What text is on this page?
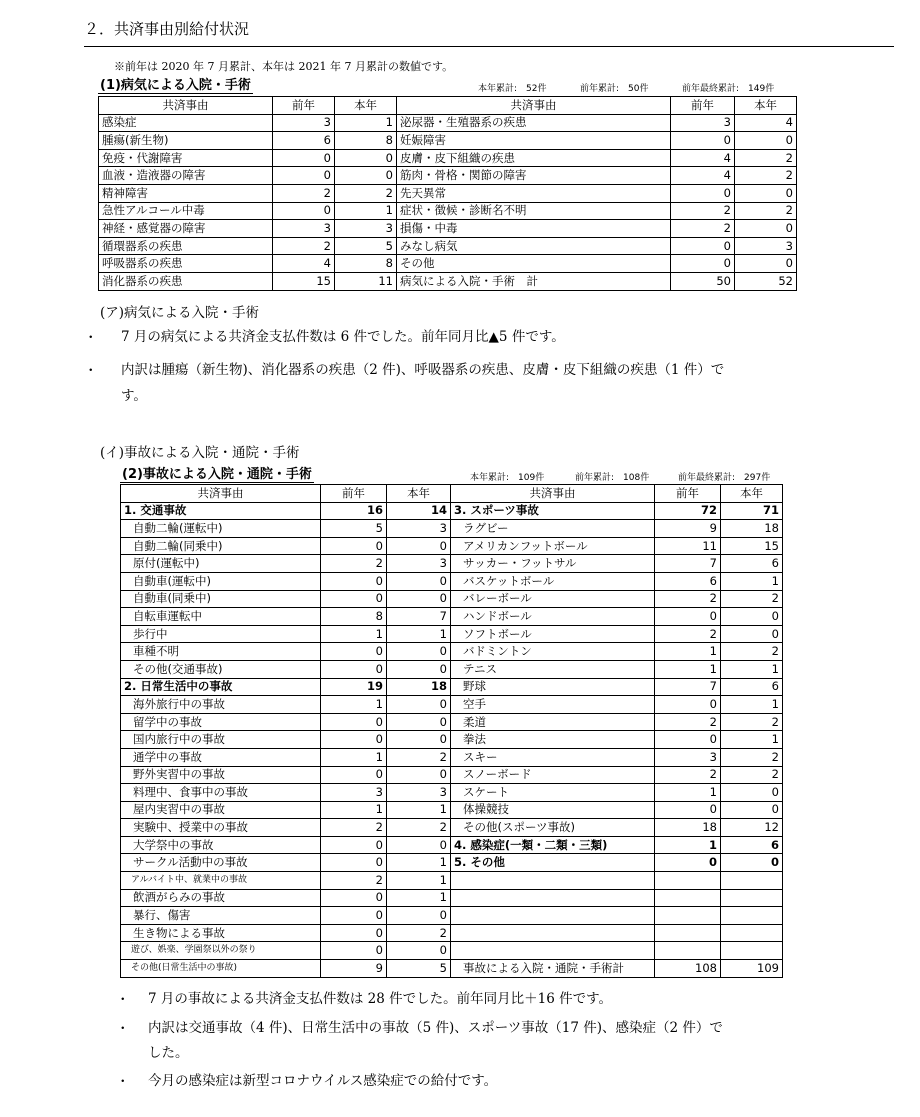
２．共済事由別給付状況
※前年は 2020 年 7 月累計、本年は 2021 年 7 月累計の数値です。
(1)病気による入院・手術	本年累計:　52件	前年累計:　50件	前年最終累計:　149件
共済事由	前年	本年	共済事由	前年	本年
感染症	3	1	泌尿器・生殖器系の疾患	3	4
腫瘍(新生物)	6	8	妊娠障害	0	0
免疫・代謝障害	0	0	皮膚・皮下組織の疾患	4	2
血液・造液器の障害	0	0	筋肉・骨格・関節の障害	4	2
精神障害	2	2	先天異常	0	0
急性アルコール中毒	0	1	症状・徴候・診断名不明	2	2
神経・感覚器の障害	3	3	損傷・中毒	2	0
循環器系の疾患	2	5	みなし病気	0	3
呼吸器系の疾患	4	8	その他	0	0
消化器系の疾患	15	11	病気による入院・手術　計	50	52
(ア)病気による入院・手術
・ 7 月の病気による共済金支払件数は 6 件でした。前年同月比▲5 件です。
・ 内訳は腫瘍（新生物)、消化器系の疾患（2 件)、呼吸器系の疾患、皮膚・皮下組織の疾患（1 件）で
す。
(イ)事故による入院・通院・手術
(2)事故による入院・通院・手術	本年累計:　109件	前年累計:　108件	前年最終累計:　297件
共済事由	前年	本年	共済事由	前年	本年
1. 交通事故	16	14	3. スポーツ事故	72	71
自動二輪(運転中)	5	3	ラグビー	9	18
自動二輪(同乗中)	0	0	アメリカンフットボール	11	15
原付(運転中)	2	3	サッカー・フットサル	7	6
自動車(運転中)	0	0	バスケットボール	6	1
自動車(同乗中)	0	0	バレーボール	2	2
自転車運転中	8	7	ハンドボール	0	0
歩行中	1	1	ソフトボール	2	0
車種不明	0	0	バドミントン	1	2
その他(交通事故)	0	0	テニス	1	1
2. 日常生活中の事故	19	18	野球	7	6
海外旅行中の事故	1	0	空手	0	1
留学中の事故	0	0	柔道	2	2
国内旅行中の事故	0	0	拳法	0	1
通学中の事故	1	2	スキー	3	2
野外実習中の事故	0	0	スノーボード	2	2
料理中、食事中の事故	3	3	スケート	1	0
屋内実習中の事故	1	1	体操競技	0	0
実験中、授業中の事故	2	2	その他(スポーツ事故)	18	12
大学祭中の事故	0	0	4. 感染症(一類・二類・三類)	1	6
サークル活動中の事故	0	1	5. その他	0	0
アルバイト中、就業中の事故	2	1			
飲酒がらみの事故	0	1			
暴行、傷害	0	0			
生き物による事故	0	2			
遊び、娯楽、学園祭以外の祭り	0	0			
その他(日常生活中の事故)	9	5	事故による入院・通院・手術計	108	109
・ 7 月の事故による共済金支払件数は 28 件でした。前年同月比＋16 件です。
・ 内訳は交通事故（4 件)、日常生活中の事故（5 件)、スポーツ事故（17 件)、感染症（2 件）で
した。
・ 今月の感染症は新型コロナウイルス感染症での給付です。
